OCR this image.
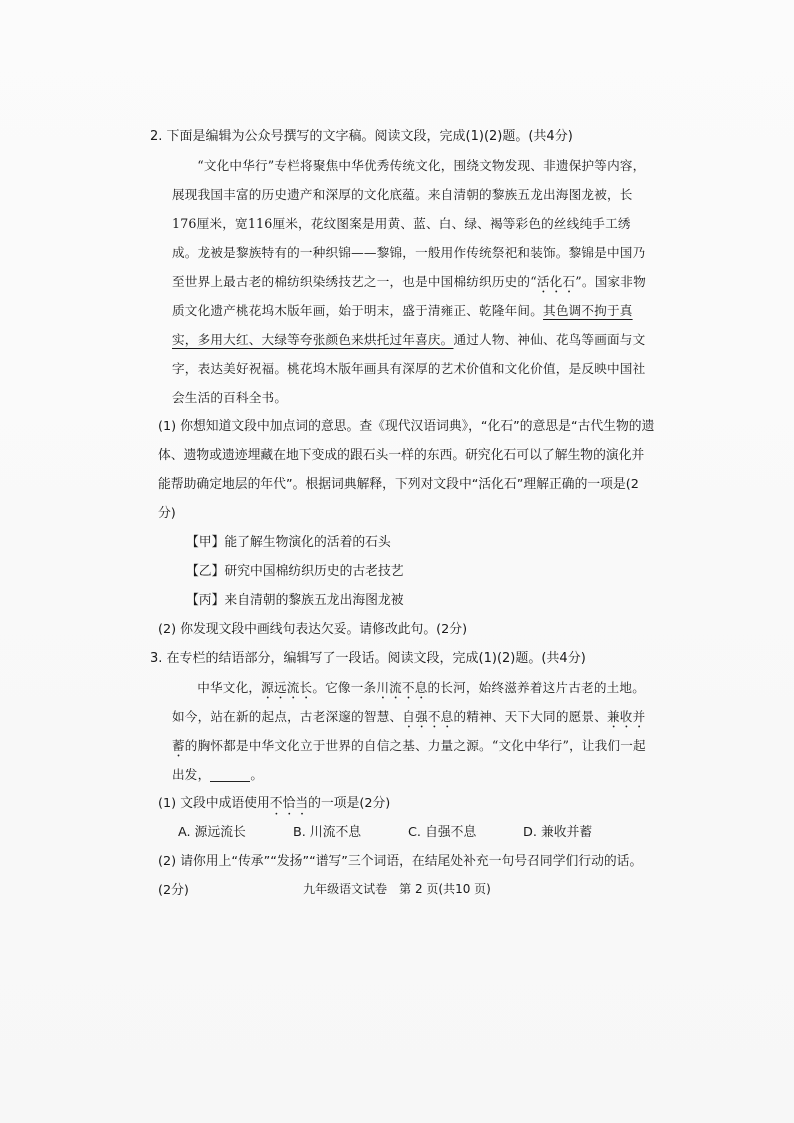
2. 下面是编辑为公众号撰写的文字稿。阅读文段，完成(1)(2)题。(共4分)

“文化中华行”专栏将聚焦中华优秀传统文化，围绕文物发现、非遗保护等内容，展现我国丰富的历史遗产和深厚的文化底蕴。来自清朝的黎族五龙出海图龙被，长176厘米，宽116厘米，花纹图案是用黄、蓝、白、绿、褐等彩色的丝线纯手工绣成。龙被是黎族特有的一种织锦——黎锦，一般用作传统祭祀和装饰。黎锦是中国乃至世界上最古老的棉纺织染绣技艺之一，也是中国棉纺织历史的“活化石”。国家非物质文化遗产桃花坞木版年画，始于明末，盛于清雍正、乾隆年间。其色调不拘于真实，多用大红、大绿等夸张颜色来烘托过年喜庆。通过人物、神仙、花鸟等画面与文字，表达美好祝福。桃花坞木版年画具有深厚的艺术价值和文化价值，是反映中国社会生活的百科全书。

(1) 你想知道文段中加点词的意思。查《现代汉语词典》，“化石”的意思是“古代生物的遗体、遗物或遗迹埋藏在地下变成的跟石头一样的东西。研究化石可以了解生物的演化并能帮助确定地层的年代”。根据词典解释，下列对文段中“活化石”理解正确的一项是(2分)

【甲】能了解生物演化的活着的石头

【乙】研究中国棉纺织历史的古老技艺

【丙】来自清朝的黎族五龙出海图龙被

(2) 你发现文段中画线句表达欠妥。请修改此句。(2分)

3. 在专栏的结语部分，编辑写了一段话。阅读文段，完成(1)(2)题。(共4分)

中华文化，源远流长。它像一条川流不息的长河，始终滋养着这片古老的土地。如今，站在新的起点，古老深邃的智慧、自强不息的精神、天下大同的愿景、兼收并蓄的胸怀都是中华文化立于世界的自信之基、力量之源。“文化中华行”，让我们一起出发，	。

(1) 文段中成语使用不恰当的一项是(2分)

A. 源远流长	B. 川流不息	C. 自强不息	D. 兼收并蓄

(2) 请你用上“传承”“发扬”“谱写”三个词语，在结尾处补充一句号召同学们行动的话。(2分)	九年级语文试卷　第 2 页(共10 页)
